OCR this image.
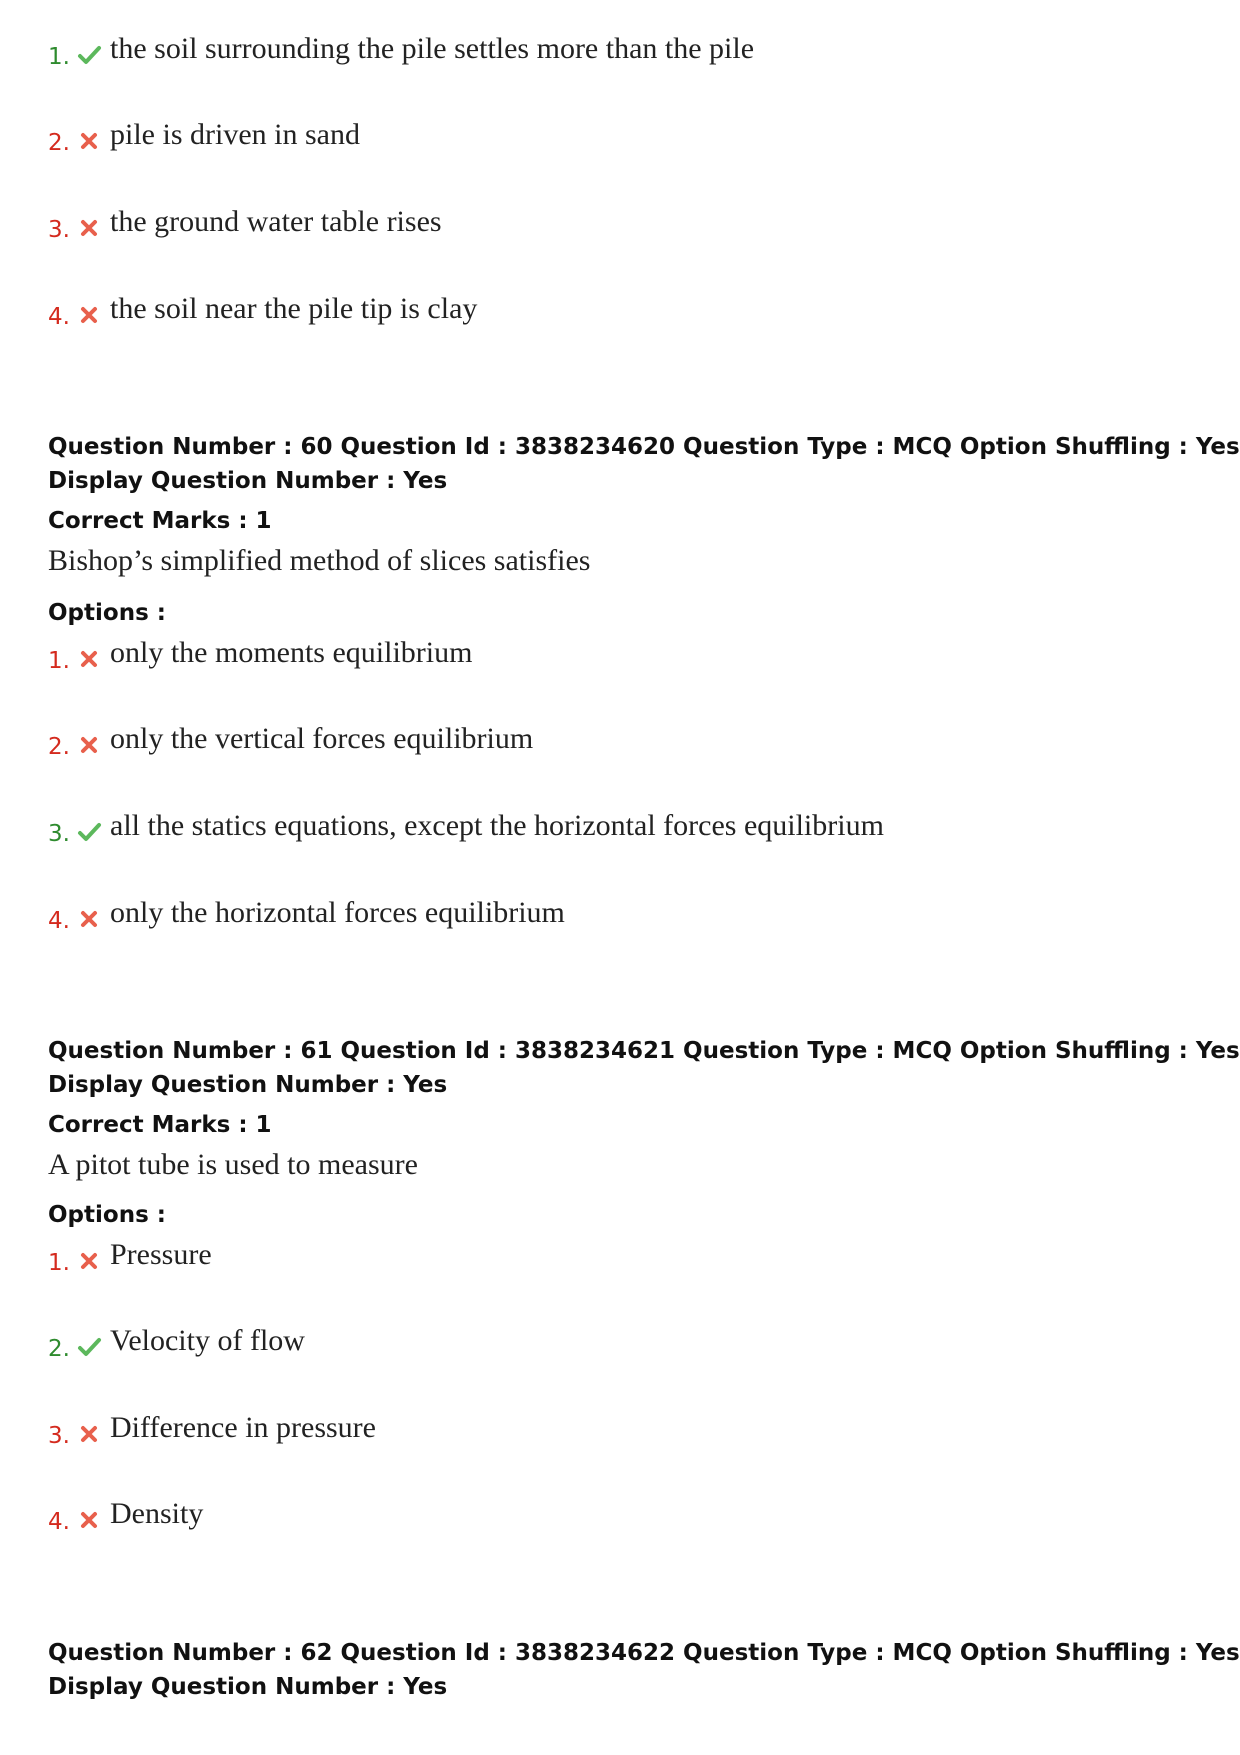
1. the soil surrounding the pile settles more than the pile
2. pile is driven in sand
3. the ground water table rises
4. the soil near the pile tip is clay
Question Number : 60 Question Id : 3838234620 Question Type : MCQ Option Shuffling : Yes
Display Question Number : Yes
Correct Marks : 1
Bishop’s simplified method of slices satisfies
Options :
1. only the moments equilibrium
2. only the vertical forces equilibrium
3. all the statics equations, except the horizontal forces equilibrium
4. only the horizontal forces equilibrium
Question Number : 61 Question Id : 3838234621 Question Type : MCQ Option Shuffling : Yes
Display Question Number : Yes
Correct Marks : 1
A pitot tube is used to measure
Options :
1. Pressure
2. Velocity of flow
3. Difference in pressure
4. Density
Question Number : 62 Question Id : 3838234622 Question Type : MCQ Option Shuffling : Yes
Display Question Number : Yes
